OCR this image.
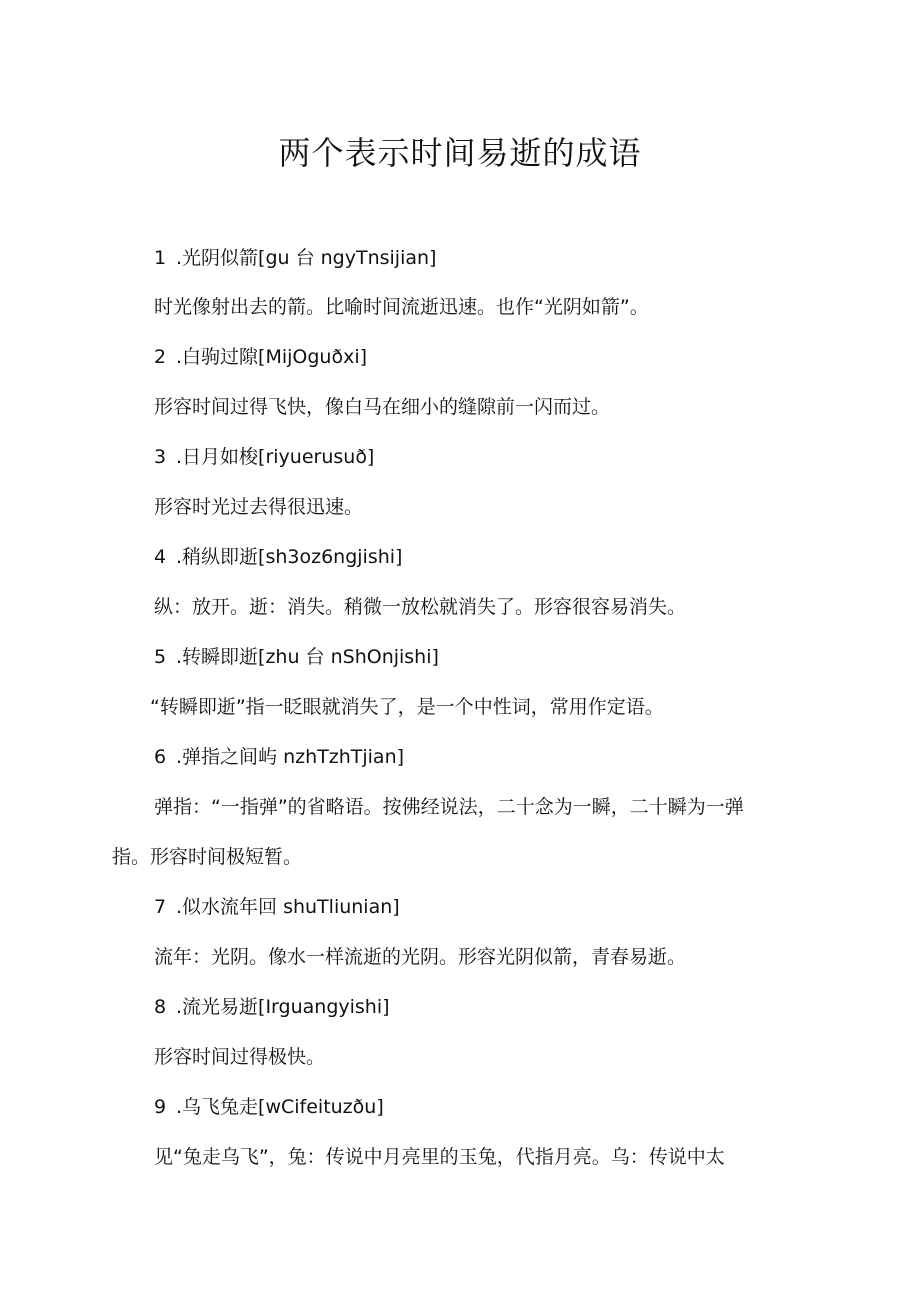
两个表示时间易逝的成语

1 .光阴似箭[gu 台 ngyTnsijian]

时光像射出去的箭。比喻时间流逝迅速。也作“光阴如箭”。

2 .白驹过隙[MijOguðxi]

形容时间过得飞快，像白马在细小的缝隙前一闪而过。

3 .日月如梭[riyuerusuð]

形容时光过去得很迅速。

4 .稍纵即逝[sh3oz6ngjishi]

纵：放开。逝：消失。稍微一放松就消失了。形容很容易消失。

5 .转瞬即逝[zhu 台 nShOnjishi]

“转瞬即逝”指一眨眼就消失了，是一个中性词，常用作定语。

6 .弹指之间屿 nzhTzhTjian]

弹指：“一指弹”的省略语。按佛经说法，二十念为一瞬，二十瞬为一弹

指。形容时间极短暂。

7 .似水流年回 shuTliunian]

流年：光阴。像水一样流逝的光阴。形容光阴似箭，青春易逝。

8 .流光易逝[Irguangyishi]

形容时间过得极快。

9 .乌飞兔走[wCifeituzðu]

见“兔走乌飞”，兔：传说中月亮里的玉兔，代指月亮。乌：传说中太
